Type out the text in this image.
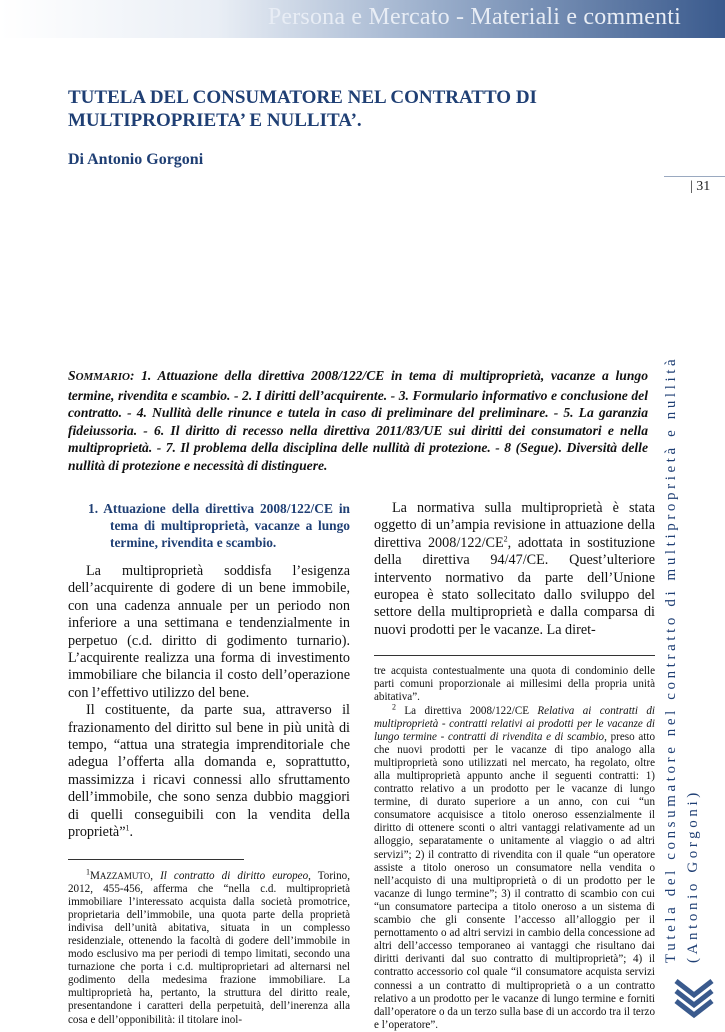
Persona e Mercato - Materiali e commenti
TUTELA DEL CONSUMATORE NEL CONTRATTO DI MULTIPROPRIETA’ E NULLITA’.
Di Antonio Gorgoni
| 31
Tutela del consumatore nel contratto di multiproprietà e nullità (Antonio Gorgoni)
SOMMARIO: 1. Attuazione della direttiva 2008/122/CE in tema di multiproprietà, vacanze a lungo termine, rivendita e scambio. - 2. I diritti dell’acquirente. - 3. Formulario informativo e conclusione del contratto. - 4. Nullità delle rinunce e tutela in caso di preliminare del preliminare. - 5. La garanzia fideiussoria. - 6. Il diritto di recesso nella direttiva 2011/83/UE sui diritti dei consumatori e nella multiproprietà. - 7. Il problema della disciplina delle nullità di protezione. - 8 (Segue). Diversità delle nullità di protezione e necessità di distinguere.

1. Attuazione della direttiva 2008/122/CE in tema di multiproprietà, vacanze a lungo termine, rivendita e scambio.

La multiproprietà soddisfa l’esigenza dell’acquirente di godere di un bene immobile, con una cadenza annuale per un periodo non inferiore a una settimana e tendenzialmente in perpetuo (c.d. diritto di godimento turnario). L’acquirente realizza una forma di investimento immobiliare che bilancia il costo dell’operazione con l’effettivo utilizzo del bene.

Il costituente, da parte sua, attraverso il frazionamento del diritto sul bene in più unità di tempo, “attua una strategia imprenditoriale che adegua l’offerta alla domanda e, soprattutto, massimizza i ricavi connessi allo sfruttamento dell’immobile, che sono senza dubbio maggiori di quelli conseguibili con la vendita della proprietà”$^1$.

$^1$MAZZAMUTO, Il contratto di diritto europeo, Torino, 2012, 455-456, afferma che “nella c.d. multiproprietà immobiliare l’interessato acquista dalla società promotrice, proprietaria dell’immobile, una quota parte della proprietà indivisa dell’unità abitativa, situata in un complesso residenziale, ottenendo la facoltà di godere dell’immobile in modo esclusivo ma per periodi di tempo limitati, secondo una turnazione che porta i c.d. multiproprietari ad alternarsi nel godimento della medesima frazione immobiliare. La multiproprietà ha, pertanto, la struttura del diritto reale, presentandone i caratteri della perpetuità, dell’inerenza alla cosa e dell’opponibilità: il titolare inol-

La normativa sulla multiproprietà è stata oggetto di un’ampia revisione in attuazione della direttiva $2008/122/CE^2$, adottata in sostituzione della direttiva 94/47/CE. Quest’ulteriore intervento normativo da parte dell’Unione europea è stato sollecitato dallo sviluppo del settore della multiproprietà e dalla comparsa di nuovi prodotti per le vacanze. La diret-

tre acquista contestualmente una quota di condominio delle parti comuni proporzionale ai millesimi della propria unità abitativa”.

$^2$ La direttiva 2008/122/CE Relativa ai contratti di multiproprietà - contratti relativi ai prodotti per le vacanze di lungo termine - contratti di rivendita e di scambio, preso atto che nuovi prodotti per le vacanze di tipo analogo alla multiproprietà sono utilizzati nel mercato, ha regolato, oltre alla multiproprietà appunto anche il seguenti contratti: 1) contratto relativo a un prodotto per le vacanze di lungo termine, di durato superiore a un anno, con cui “un consumatore acquisisce a titolo oneroso essenzialmente il diritto di ottenere sconti o altri vantaggi relativamente ad un alloggio, separatamente o unitamente al viaggio o ad altri servizi”; 2) il contratto di rivendita con il quale “un operatore assiste a titolo oneroso un consumatore nella vendita o nell’acquisto di una multiproprietà o di un prodotto per le vacanze di lungo termine”; 3) il contratto di scambio con cui “un consumatore partecipa a titolo oneroso a un sistema di scambio che gli consente l’accesso all’alloggio per il pernottamento o ad altri servizi in cambio della concessione ad altri dell’accesso temporaneo ai vantaggi che risultano dai diritti derivanti dal suo contratto di multiproprietà”; 4) il contratto accessorio col quale “il consumatore acquista servizi connessi a un contratto di multiproprietà o a un contratto relativo a un prodotto per le vacanze di lungo termine e forniti dall’operatore o da un terzo sulla base di un accordo tra il terzo e l’operatore”.
